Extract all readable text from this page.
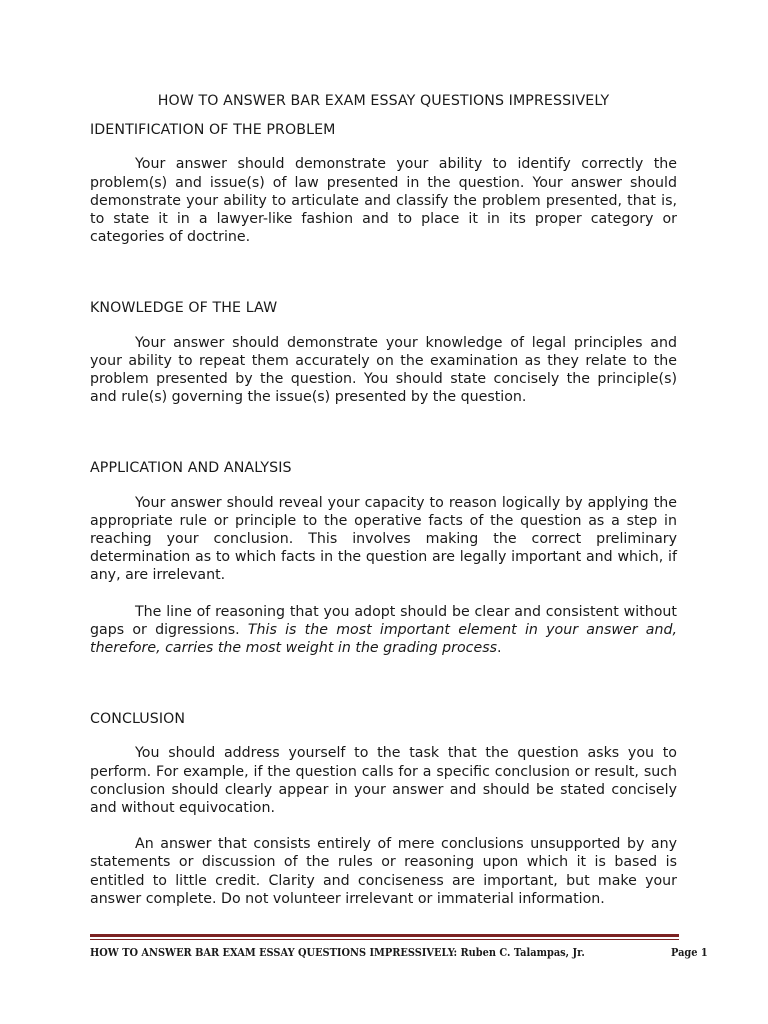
HOW TO ANSWER BAR EXAM ESSAY QUESTIONS IMPRESSIVELY
IDENTIFICATION OF THE PROBLEM

Your answer should demonstrate your ability to identify correctly the problem(s) and issue(s) of law presented in the question. Your answer should demonstrate your ability to articulate and classify the problem presented, that is, to state it in a lawyer-like fashion and to place it in its proper category or categories of doctrine.

KNOWLEDGE OF THE LAW

Your answer should demonstrate your knowledge of legal principles and your ability to repeat them accurately on the examination as they relate to the problem presented by the question. You should state concisely the principle(s) and rule(s) governing the issue(s) presented by the question.

APPLICATION AND ANALYSIS

Your answer should reveal your capacity to reason logically by applying the appropriate rule or principle to the operative facts of the question as a step in reaching your conclusion. This involves making the correct preliminary determination as to which facts in the question are legally important and which, if any, are irrelevant.

The line of reasoning that you adopt should be clear and consistent without gaps or digressions. This is the most important element in your answer and, therefore, carries the most weight in the grading process.

CONCLUSION

You should address yourself to the task that the question asks you to perform. For example, if the question calls for a specific conclusion or result, such conclusion should clearly appear in your answer and should be stated concisely and without equivocation.

An answer that consists entirely of mere conclusions unsupported by any statements or discussion of the rules or reasoning upon which it is based is entitled to little credit. Clarity and conciseness are important, but make your answer complete. Do not volunteer irrelevant or immaterial information.

HOW TO ANSWER BAR EXAM ESSAY QUESTIONS IMPRESSIVELY: Ruben C. Talampas, Jr.	Page 1
